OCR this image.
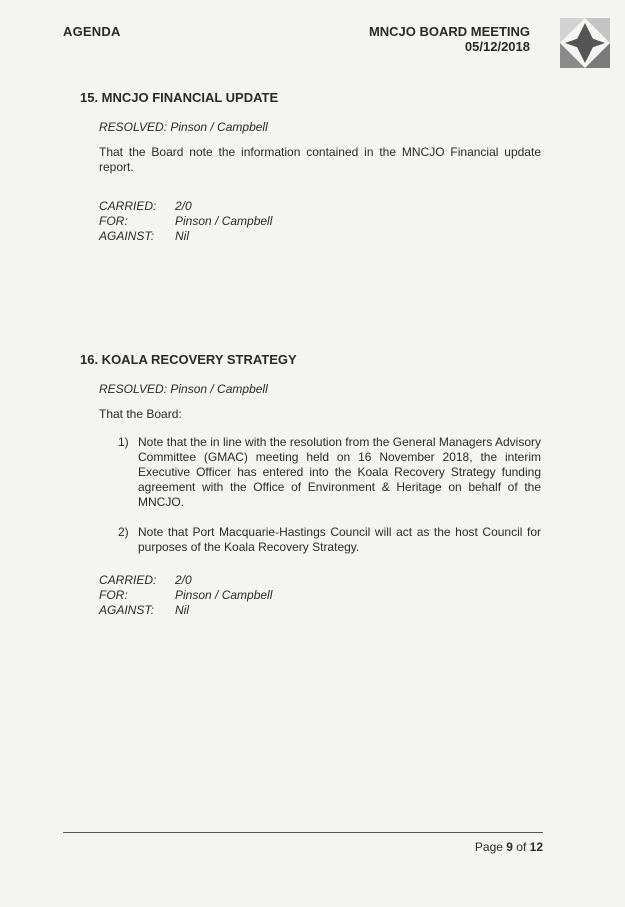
AGENDA	MNCJO BOARD MEETING
05/12/2018
15. MNCJO FINANCIAL UPDATE
RESOLVED: Pinson / Campbell
That the Board note the information contained in the MNCJO Financial update report.
CARRIED:	2/0
FOR:	Pinson / Campbell
AGAINST:	Nil
16. KOALA RECOVERY STRATEGY
RESOLVED: Pinson / Campbell
That the Board:
1) Note that the in line with the resolution from the General Managers Advisory Committee (GMAC) meeting held on 16 November 2018, the interim Executive Officer has entered into the Koala Recovery Strategy funding agreement with the Office of Environment & Heritage on behalf of the MNCJO.
2) Note that Port Macquarie-Hastings Council will act as the host Council for purposes of the Koala Recovery Strategy.
CARRIED:	2/0
FOR:	Pinson / Campbell
AGAINST:	Nil
Page 9 of 12
